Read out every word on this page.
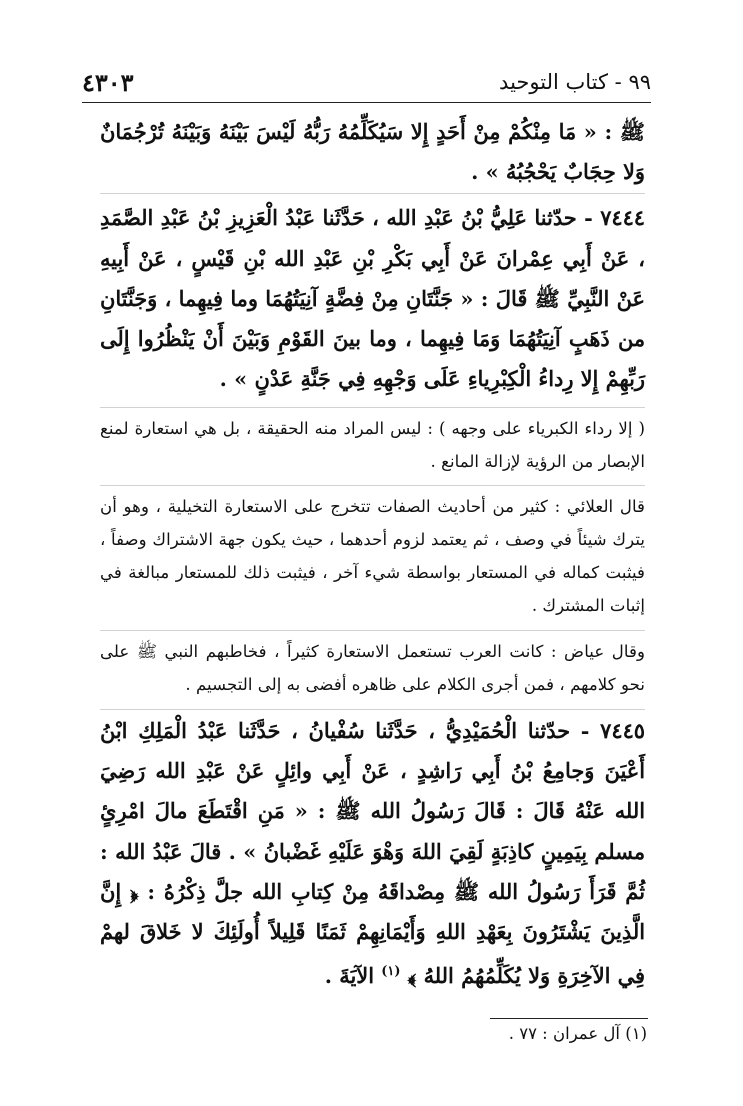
٩٩ - كتاب التوحيد
٤٣٠٣

ﷺ : « مَا مِنْكُمْ مِنْ أَحَدٍ إِلا سَيُكَلِّمُهُ رَبُّهُ لَيْسَ بَيْنَهُ وَبَيْنَهُ تُرْجُمَانٌ وَلا حِجَابٌ يَحْجُبُهُ » .

٧٤٤٤ - حدّثنا عَلِيُّ بْنُ عَبْدِ الله ، حَدَّثَنا عَبْدُ الْعَزِيزِ بْنُ عَبْدِ الصَّمَدِ ، عَنْ أَبِي عِمْرانَ عَنْ أَبِي بَكْرِ بْنِ عَبْدِ الله بْنِ قَيْسٍ ، عَنْ أَبِيهِ عَنْ النَّبِيِّ ﷺ قَالَ : « جَنَّتَانِ مِنْ فِضَّةٍ آنِيَتُهُمَا وما فِيهِما ، وَجَنَّتَانِ من ذَهَبٍ آنِيَتُهُمَا وَمَا فِيهِما ، وما بينَ القَوْمِ وَبَيْنَ أَنْ يَنْظُرُوا إِلَى رَبِّهِمْ إِلا رِداءُ الْكِبْرِياءِ عَلَى وَجْهِهِ فِي جَنَّةِ عَدْنٍ » .

( إلا رداء الكبرياء على وجهه ) : ليس المراد منه الحقيقة ، بل هي استعارة لمنع الإبصار من الرؤية لإزالة المانع .

قال العلائي : كثير من أحاديث الصفات تتخرج على الاستعارة التخيلية ، وهو أن يترك شيئاً في وصف ، ثم يعتمد لزوم أحدهما ، حيث يكون جهة الاشتراك وصفاً ، فيثبت كماله في المستعار بواسطة شيء آخر ، فيثبت ذلك للمستعار مبالغة في إثبات المشترك .

وقال عياض : كانت العرب تستعمل الاستعارة كثيراً ، فخاطبهم النبي ﷺ على نحو كلامهم ، فمن أجرى الكلام على ظاهره أفضى به إلى التجسيم .

٧٤٤٥ - حدّثنا الْحُمَيْدِيُّ ، حَدَّثَنا سُفْيانُ ، حَدَّثَنا عَبْدُ الْمَلِكِ ابْنُ أَعْيَنَ وَجامِعُ بْنُ أَبِي رَاشِدٍ ، عَنْ أَبِي وائِلٍ عَنْ عَبْدِ الله رَضِيَ الله عَنْهُ قَالَ : قَالَ رَسُولُ الله ﷺ : « مَنِ اقْتَطَعَ مالَ امْرِئٍ مسلم بِيَمِينٍ كاذِبَةٍ لَقِيَ اللهَ وَهْوَ عَلَيْهِ غَضْبانُ » . قالَ عَبْدُ الله : ثُمَّ قَرَأَ رَسُولُ الله ﷺ مِصْداقَهُ مِنْ كِتابِ الله جلَّ ذِكْرُهُ : ﴿ إِنَّ الَّذِينَ يَشْتَرُونَ بِعَهْدِ اللهِ وَأَيْمَانِهِمْ ثَمَنًا قَلِيلاً أُولَئِكَ لا خَلاقَ لهمْ فِي الآخِرَةِ وَلا يُكَلِّمُهُمُ اللهُ ﴾ $^{(١)}$ الآيَةَ .

(١) آل عمران : ٧٧ .
